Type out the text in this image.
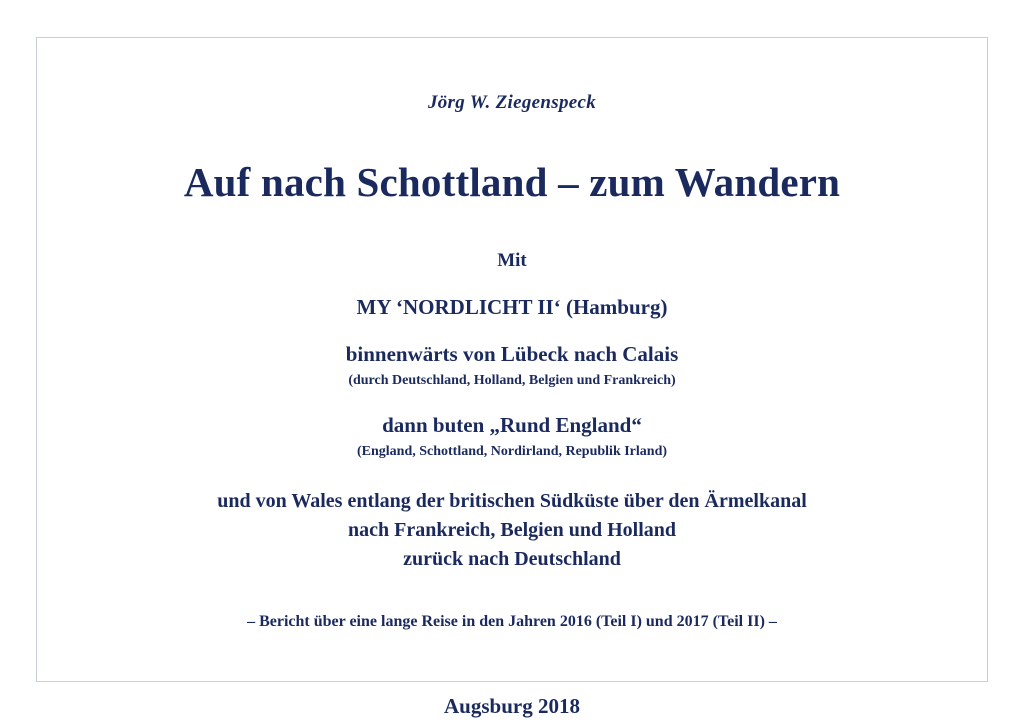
Jörg W. Ziegenspeck

Auf nach Schottland – zum Wandern

Mit

MY ‘NORDLICHT II‘ (Hamburg)

binnenwärts von Lübeck nach Calais

(durch Deutschland, Holland, Belgien und Frankreich)

dann buten „Rund England“

(England, Schottland, Nordirland, Republik Irland)

und von Wales entlang der britischen Südküste über den Ärmelkanal
nach Frankreich, Belgien und Holland
zurück nach Deutschland

– Bericht über eine lange Reise in den Jahren 2016 (Teil I) und 2017 (Teil II) –

Augsburg 2018
